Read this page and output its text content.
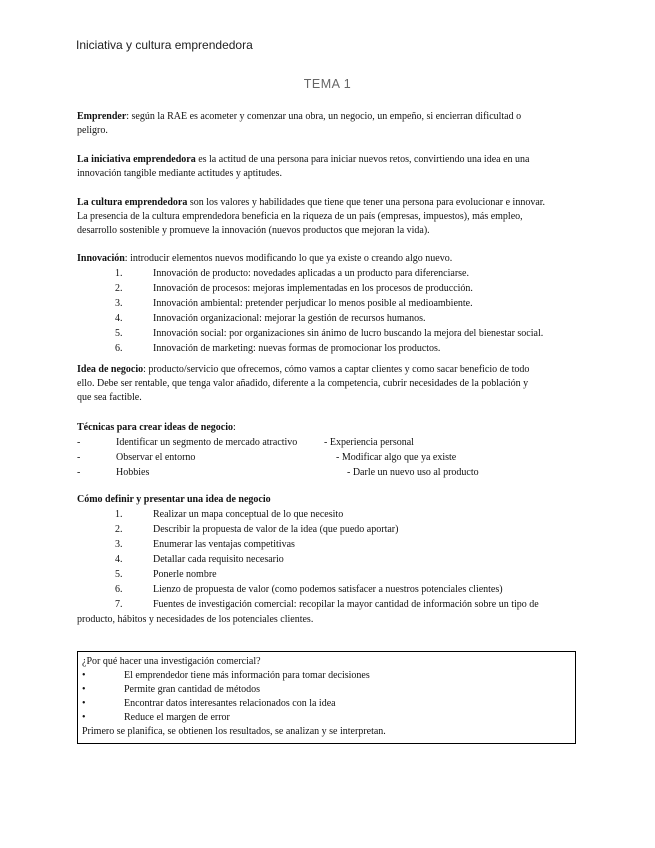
Iniciativa y cultura emprendedora
TEMA 1
Emprender: según la RAE es acometer y comenzar una obra, un negocio, un empeño, si encierran dificultad o
peligro.
La iniciativa emprendedora es la actitud de una persona para iniciar nuevos retos, convirtiendo una idea en una
innovación tangible mediante actitudes y aptitudes.
La cultura emprendedora son los valores y habilidades que tiene que tener una persona para evolucionar e innovar.
La presencia de la cultura emprendedora beneficia en la riqueza de un país (empresas, impuestos), más empleo,
desarrollo sostenible y promueve la innovación (nuevos productos que mejoran la vida).
Innovación: introducir elementos nuevos modificando lo que ya existe o creando algo nuevo.
1.	Innovación de producto: novedades aplicadas a un producto para diferenciarse.
2.	Innovación de procesos: mejoras implementadas en los procesos de producción.
3.	Innovación ambiental: pretender perjudicar lo menos posible al medioambiente.
4.	Innovación organizacional: mejorar la gestión de recursos humanos.
5.	Innovación social: por organizaciones sin ánimo de lucro buscando la mejora del bienestar social.
6.	Innovación de marketing: nuevas formas de promocionar los productos.
Idea de negocio: producto/servicio que ofrecemos, cómo vamos a captar clientes y como sacar beneficio de todo
ello. Debe ser rentable, que tenga valor añadido, diferente a la competencia, cubrir necesidades de la población y
que sea factible.
Técnicas para crear ideas de negocio:
-	Identificar un segmento de mercado atractivo	- Experiencia personal
-	Observar el entorno	- Modificar algo que ya existe
-	Hobbies	- Darle un nuevo uso al producto
Cómo definir y presentar una idea de negocio
1.	Realizar un mapa conceptual de lo que necesito
2.	Describir la propuesta de valor de la idea (que puedo aportar)
3.	Enumerar las ventajas competitivas
4.	Detallar cada requisito necesario
5.	Ponerle nombre
6.	Lienzo de propuesta de valor (como podemos satisfacer a nuestros potenciales clientes)
7.	Fuentes de investigación comercial: recopilar la mayor cantidad de información sobre un tipo de
producto, hábitos y necesidades de los potenciales clientes.
¿Por qué hacer una investigación comercial?
•	El emprendedor tiene más información para tomar decisiones
•	Permite gran cantidad de métodos
•	Encontrar datos interesantes relacionados con la idea
•	Reduce el margen de error
Primero se planifica, se obtienen los resultados, se analizan y se interpretan.
